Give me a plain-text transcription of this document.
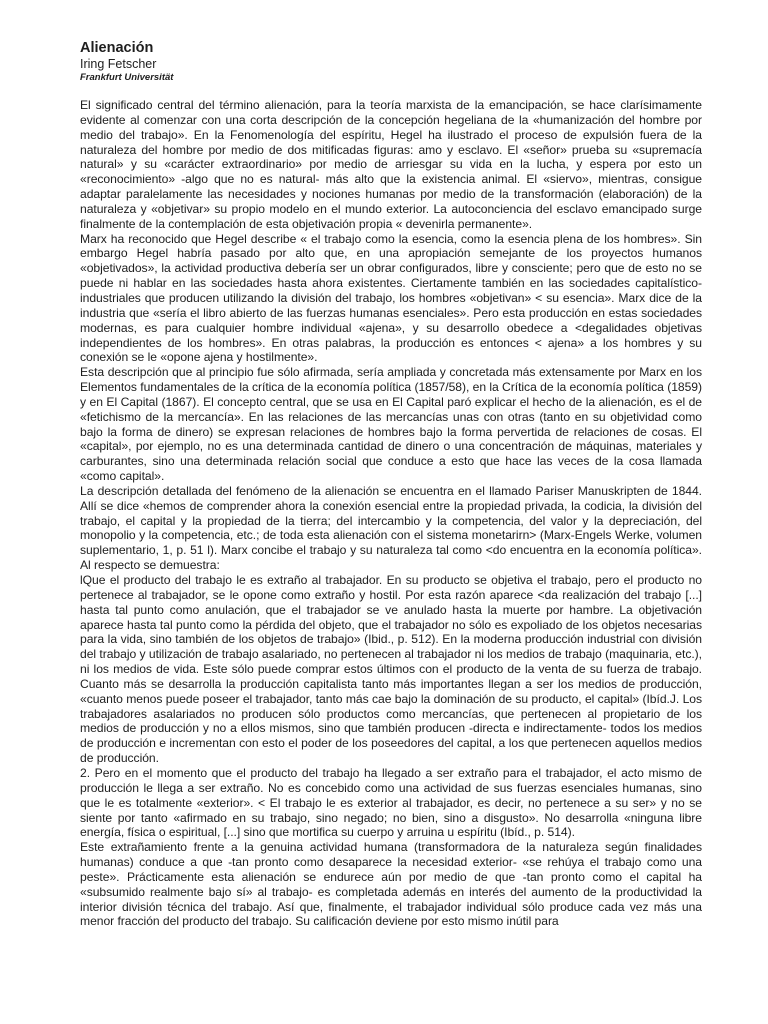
Alienación
Iring Fetscher
Frankfurt Universität

El significado central del término alienación, para la teoría marxista de la emancipación, se hace clarísimamente evidente al comenzar con una corta descripción de la concepción hegeliana de la «humanización del hombre por medio del trabajo». En la Fenomenología del espíritu, Hegel ha ilustrado el proceso de expulsión fuera de la naturaleza del hombre por medio de dos mitificadas figuras: amo y esclavo. El «señor» prueba su «supremacía natural» y su «carácter extraordinario» por medio de arriesgar su vida en la lucha, y espera por esto un «reconocimiento» -algo que no es natural- más alto que la existencia animal. El «siervo», mientras, consigue adaptar paralelamente las necesidades y nociones humanas por medio de la transformación (elaboración) de la naturaleza y «objetivar» su propio modelo en el mundo exterior. La autoconciencia del esclavo emancipado surge finalmente de la contemplación de esta objetivación propia « devenirla permanente».

Marx ha reconocido que Hegel describe « el trabajo como la esencia, como la esencia plena de los hombres». Sin embargo Hegel habría pasado por alto que, en una apropiación semejante de los proyectos humanos «objetivados», la actividad productiva debería ser un obrar configurados, libre y consciente; pero que de esto no se puede ni hablar en las sociedades hasta ahora existentes. Ciertamente también en las sociedades capitalístico-industriales que producen utilizando la división del trabajo, los hombres «objetivan» < su esencia». Marx dice de la industria que «sería el libro abierto de las fuerzas humanas esenciales». Pero esta producción en estas sociedades modernas, es para cualquier hombre individual «ajena», y su desarrollo obedece a <degalidades objetivas independientes de los hombres». En otras palabras, la producción es entonces < ajena» a los hombres y su conexión se le «opone ajena y hostilmente».

Esta descripción que al principio fue sólo afirmada, sería ampliada y concretada más extensamente por Marx en los Elementos fundamentales de la crítica de la economía política (1857/58), en la Crítica de la economía política (1859) y en El Capital (1867). El concepto central, que se usa en El Capital paró explicar el hecho de la alienación, es el de «fetichismo de la mercancía». En las relaciones de las mercancías unas con otras (tanto en su objetividad como bajo la forma de dinero) se expresan relaciones de hombres bajo la forma pervertida de relaciones de cosas. El «capital», por ejemplo, no es una determinada cantidad de dinero o una concentración de máquinas, materiales y carburantes, sino una determinada relación social que conduce a esto que hace las veces de la cosa llamada «como capital».

La descripción detallada del fenómeno de la alienación se encuentra en el llamado Pariser Manuskripten de 1844. Allí se dice «hemos de comprender ahora la conexión esencial entre la propiedad privada, la codicia, la división del trabajo, el capital y la propiedad de la tierra; del intercambio y la competencia, del valor y la depreciación, del monopolio y la competencia, etc.; de toda esta alienación con el sistema monetarirn> (Marx-Engels Werke, volumen suplementario, 1, p. 51 l). Marx concibe el trabajo y su naturaleza tal como <do encuentra en la economía política». Al respecto se demuestra:

lQue el producto del trabajo le es extraño al trabajador. En su producto se objetiva el trabajo, pero el producto no pertenece al trabajador, se le opone como extraño y hostil. Por esta razón aparece <da realización del trabajo [...] hasta tal punto como anulación, que el trabajador se ve anulado hasta la muerte por hambre. La objetivación aparece hasta tal punto como la pérdida del objeto, que el trabajador no sólo es expoliado de los objetos necesarias para la vida, sino también de los objetos de trabajo» (Ibid., p. 512). En la moderna producción industrial con división del trabajo y utilización de trabajo asalariado, no pertenecen al trabajador ni los medios de trabajo (maquinaria, etc.), ni los medios de vida. Este sólo puede comprar estos últimos con el producto de la venta de su fuerza de trabajo. Cuanto más se desarrolla la producción capitalista tanto más importantes llegan a ser los medios de producción, «cuanto menos puede poseer el trabajador, tanto más cae bajo la dominación de su producto, el capital» (Ibíd.J. Los trabajadores asalariados no producen sólo productos como mercancías, que pertenecen al propietario de los medios de producción y no a ellos mismos, sino que también producen -directa e indirectamente- todos los medios de producción e incrementan con esto el poder de los poseedores del capital, a los que pertenecen aquellos medios de producción.

2. Pero en el momento que el producto del trabajo ha llegado a ser extraño para el trabajador, el acto mismo de producción le llega a ser extraño. No es concebido como una actividad de sus fuerzas esenciales humanas, sino que le es totalmente «exterior». < El trabajo le es exterior al trabajador, es decir, no pertenece a su ser» y no se siente por tanto «afirmado en su trabajo, sino negado; no bien, sino a disgusto». No desarrolla «ninguna libre energía, física o espiritual, [...] sino que mortifica su cuerpo y arruina u espíritu (Ibíd., p. 514).

Este extrañamiento frente a la genuina actividad humana (transformadora de la naturaleza según finalidades humanas) conduce a que -tan pronto como desaparece la necesidad exterior- «se rehúya el trabajo como una peste». Prácticamente esta alienación se endurece aún por medio de que -tan pronto como el capital ha «subsumido realmente bajo sí» al trabajo- es completada además en interés del aumento de la productividad la interior división técnica del trabajo. Así que, finalmente, el trabajador individual sólo produce cada vez más una menor fracción del producto del trabajo. Su calificación deviene por esto mismo inútil para
